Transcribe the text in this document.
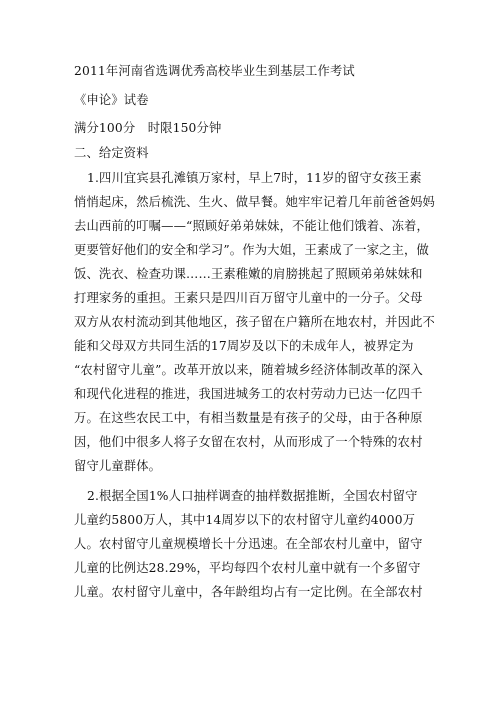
2011年河南省选调优秀高校毕业生到基层工作考试
《申论》试卷
满分100分　时限150分钟
二、给定资料
1.四川宜宾县孔滩镇万家村，早上7时，11岁的留守女孩王素
悄悄起床，然后梳洗、生火、做早餐。她牢牢记着几年前爸爸妈妈
去山西前的叮嘱——“照顾好弟弟妹妹，不能让他们饿着、冻着，
更要管好他们的安全和学习”。作为大姐，王素成了一家之主，做
饭、洗衣、检查功课……王素稚嫩的肩膀挑起了照顾弟弟妹妹和
打理家务的重担。王素只是四川百万留守儿童中的一分子。父母
双方从农村流动到其他地区，孩子留在户籍所在地农村，并因此不
能和父母双方共同生活的17周岁及以下的未成年人，被界定为
“农村留守儿童”。改革开放以来，随着城乡经济体制改革的深入
和现代化进程的推进，我国进城务工的农村劳动力已达一亿四千
万。在这些农民工中，有相当数量是有孩子的父母，由于各种原
因，他们中很多人将子女留在农村，从而形成了一个特殊的农村
留守儿童群体。
2.根据全国1%人口抽样调查的抽样数据推断，全国农村留守
儿童约5800万人，其中14周岁以下的农村留守儿童约4000万
人。农村留守儿童规模增长十分迅速。在全部农村儿童中，留守
儿童的比例达28.29%，平均每四个农村儿童中就有一个多留守
儿童。农村留守儿童中，各年龄组均占有一定比例。在全部农村
